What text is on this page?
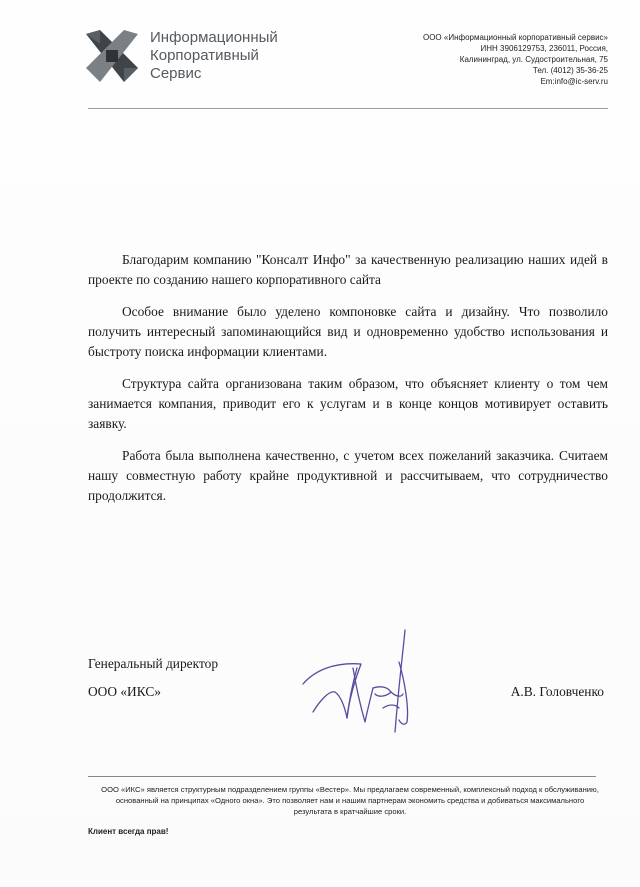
Информационный
Корпоративный
Сервис
ООО «Информационный корпоративный сервис»
ИНН 3906129753, 236011, Россия,
Калининград, ул. Судостроительная, 75
Тел. (4012) 35-36-25
Em:info@ic-serv.ru

Благодарим компанию "Консалт Инфо" за качественную реализацию наших идей в проекте по созданию нашего корпоративного сайта

Особое внимание было уделено компоновке сайта и дизайну. Что позволило получить интересный запоминающийся вид и одновременно удобство использования и быстроту поиска информации клиентами.

Структура сайта организована таким образом, что объясняет клиенту о том чем занимается компания, приводит его к услугам и в конце концов мотивирует оставить заявку.

Работа была выполнена качественно, с учетом всех пожеланий заказчика. Считаем нашу совместную работу крайне продуктивной и рассчитываем, что сотрудничество продолжится.

Генеральный директор
ООО «ИКС»	А.В. Головченко
ООО «ИКС» является структурным подразделением группы «Вестер». Мы предлагаем современный, комплексный подход к обслуживанию,
основанный на принципах «Одного окна». Это позволяет нам и нашим партнерам экономить средства и добиваться максимального
результата в кратчайшие сроки.
Клиент всегда прав!
